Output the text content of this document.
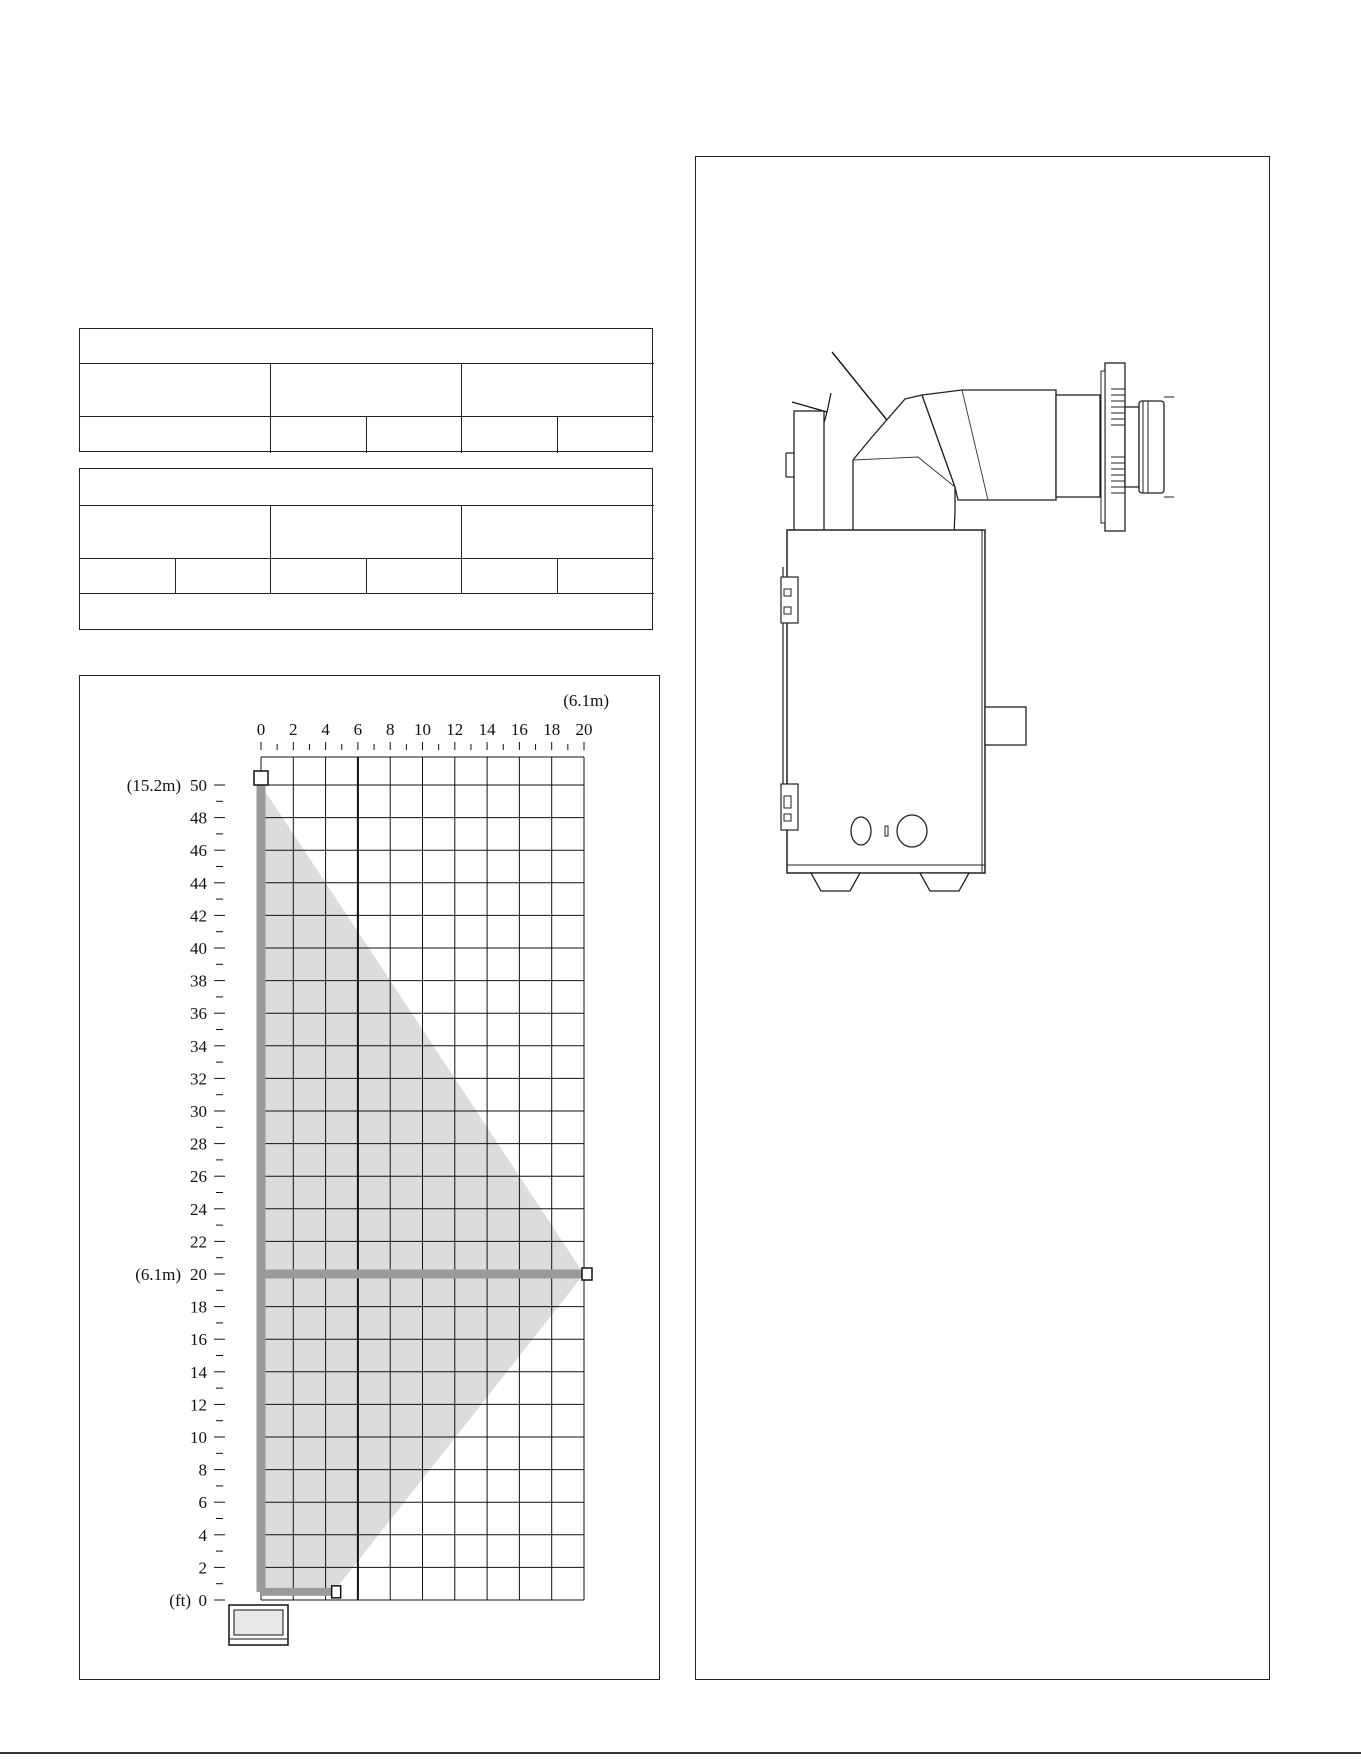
0 2 4 6 8 10 12 14 16 18 20
(6.1m)
0
2
4
6
8
10
12
14
16
18
20
22
24
26
28
30
32
34
36
38
40
42
44
46
48
50
(15.2m)
(6.1m)
(ft)
